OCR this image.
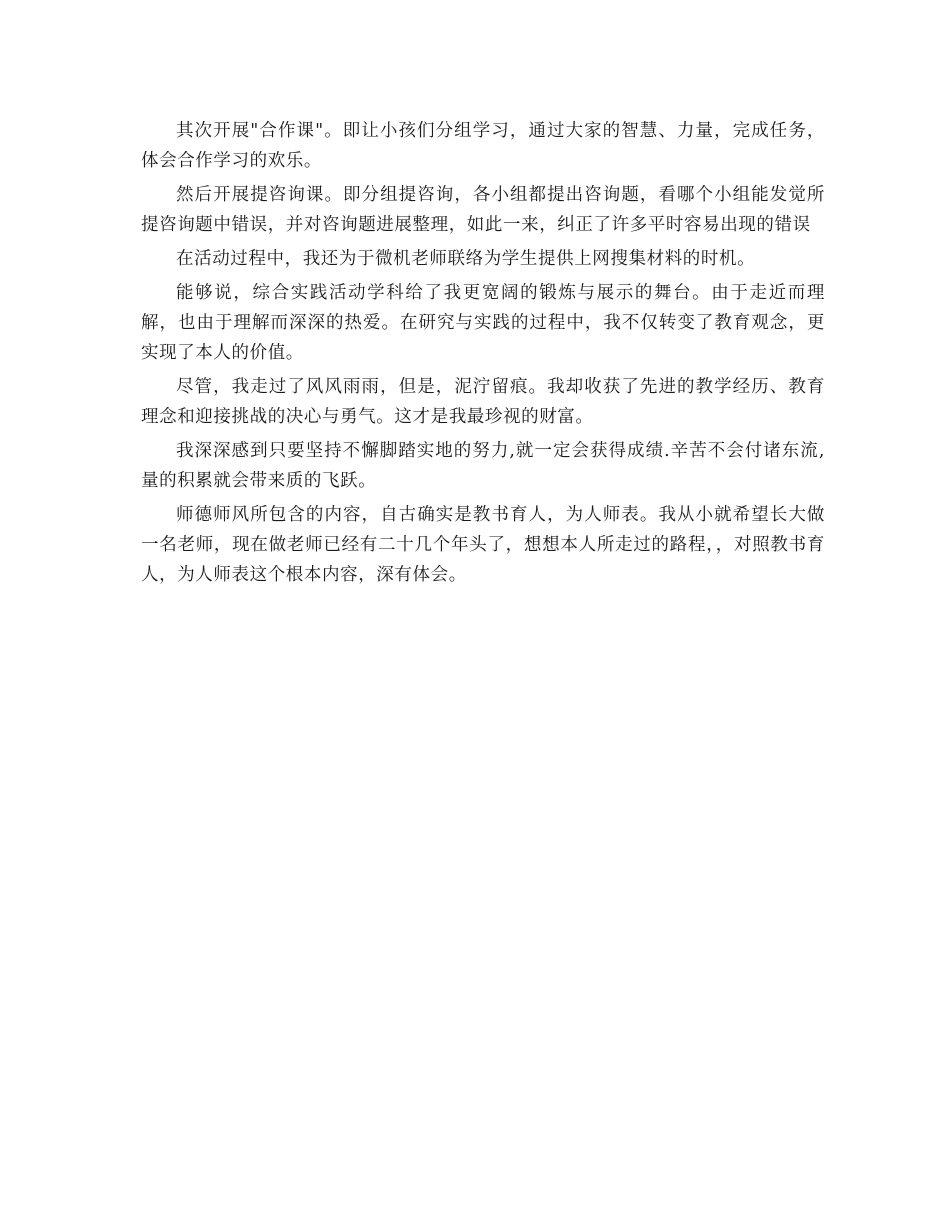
其次开展"合作课"。即让小孩们分组学习，通过大家的智慧、力量，完成任务，体会合作学习的欢乐。

然后开展提咨询课。即分组提咨询，各小组都提出咨询题，看哪个小组能发觉所提咨询题中错误，并对咨询题进展整理，如此一来，纠正了许多平时容易出现的错误

在活动过程中，我还为于微机老师联络为学生提供上网搜集材料的时机。

能够说，综合实践活动学科给了我更宽阔的锻炼与展示的舞台。由于走近而理解，也由于理解而深深的热爱。在研究与实践的过程中，我不仅转变了教育观念，更实现了本人的价值。

尽管，我走过了风风雨雨，但是，泥泞留痕。我却收获了先进的教学经历、教育理念和迎接挑战的决心与勇气。这才是我最珍视的财富。

我深深感到只要坚持不懈脚踏实地的努力,就一定会获得成绩.辛苦不会付诸东流,量的积累就会带来质的飞跃。

师德师风所包含的内容，自古确实是教书育人，为人师表。我从小就希望长大做一名老师，现在做老师已经有二十几个年头了，想想本人所走过的路程，，对照教书育人，为人师表这个根本内容，深有体会。
